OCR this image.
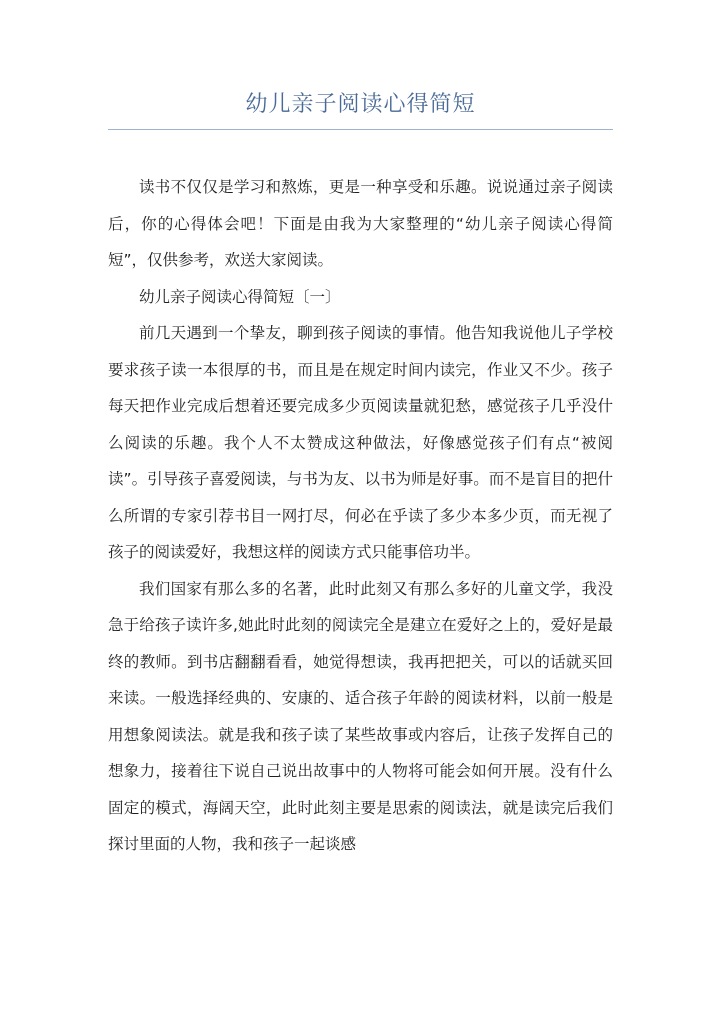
幼儿亲子阅读心得简短

读书不仅仅是学习和熬炼，更是一种享受和乐趣。说说通过亲子阅读后，你的心得体会吧！下面是由我为大家整理的“幼儿亲子阅读心得简短”，仅供参考，欢送大家阅读。

幼儿亲子阅读心得简短〔一〕

前几天遇到一个挚友，聊到孩子阅读的事情。他告知我说他儿子学校要求孩子读一本很厚的书，而且是在规定时间内读完，作业又不少。孩子每天把作业完成后想着还要完成多少页阅读量就犯愁，感觉孩子几乎没什么阅读的乐趣。我个人不太赞成这种做法，好像感觉孩子们有点“被阅读”。引导孩子喜爱阅读，与书为友、以书为师是好事。而不是盲目的把什么所谓的专家引荐书目一网打尽，何必在乎读了多少本多少页，而无视了孩子的阅读爱好，我想这样的阅读方式只能事倍功半。

我们国家有那么多的名著，此时此刻又有那么多好的儿童文学，我没急于给孩子读许多,她此时此刻的阅读完全是建立在爱好之上的，爱好是最终的教师。到书店翻翻看看，她觉得想读，我再把把关，可以的话就买回来读。一般选择经典的、安康的、适合孩子年龄的阅读材料，以前一般是用想象阅读法。就是我和孩子读了某些故事或内容后，让孩子发挥自己的想象力，接着往下说自己说出故事中的人物将可能会如何开展。没有什么固定的模式，海阔天空，此时此刻主要是思索的阅读法，就是读完后我们探讨里面的人物，我和孩子一起谈感
